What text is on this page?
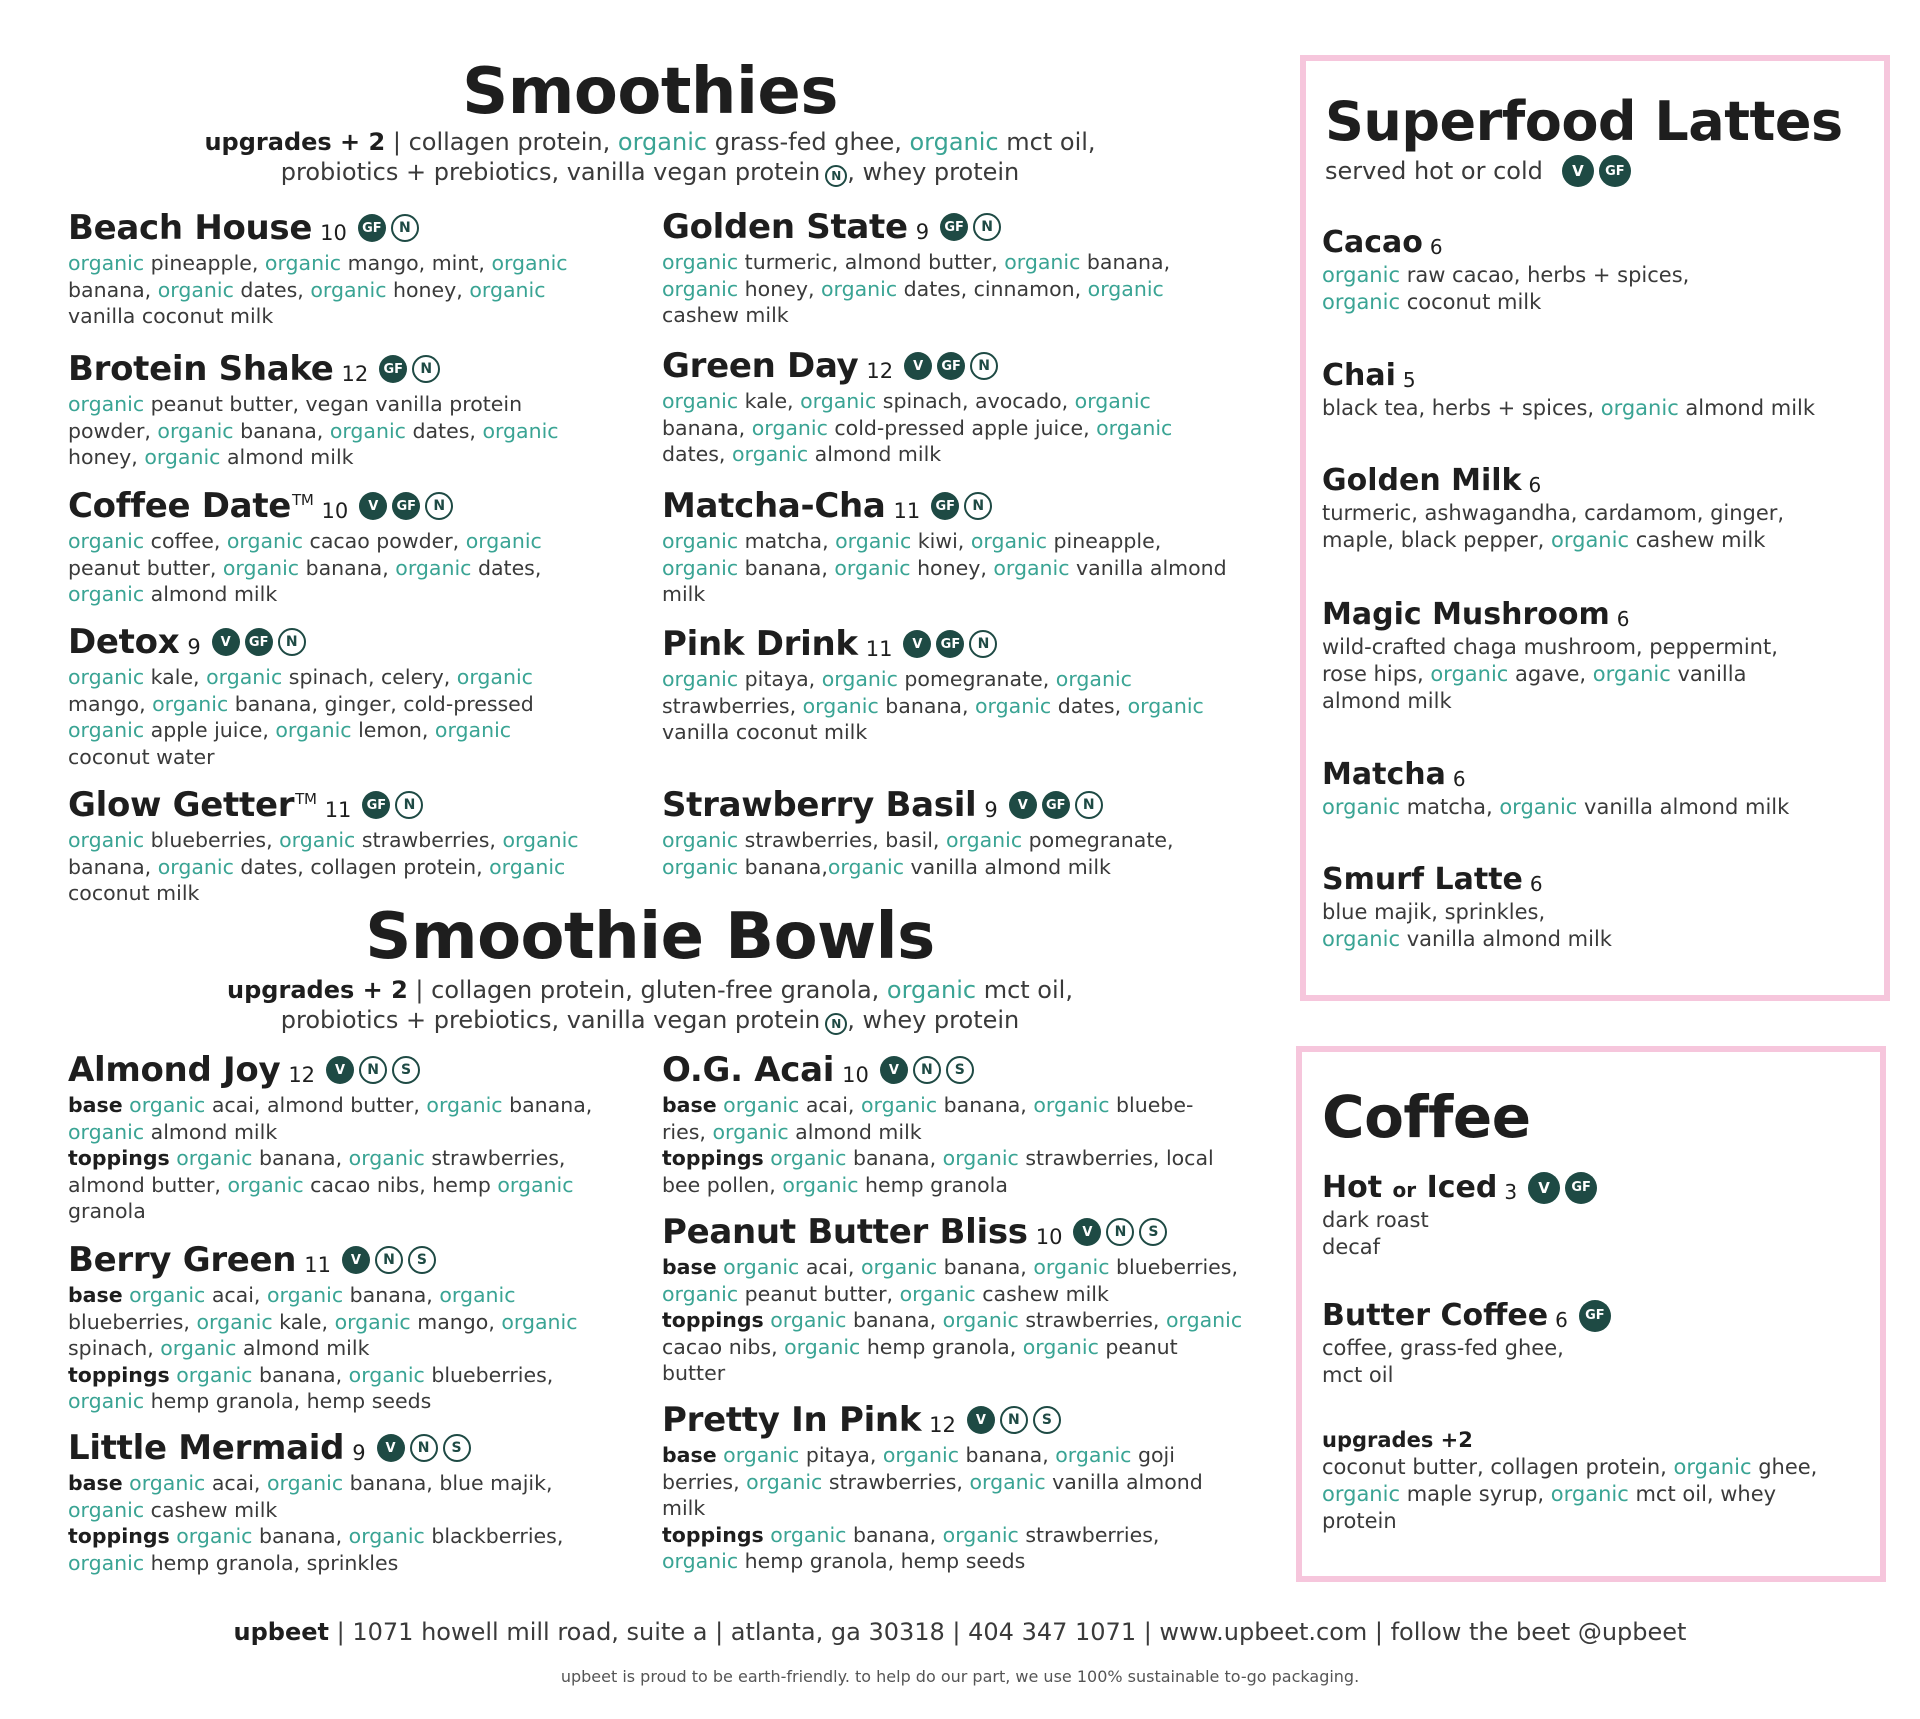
Smoothies
upgrades + 2 | collagen protein, organic grass-fed ghee, organic mct oil,
probiotics + prebiotics, vanilla vegan protein N , whey protein
Beach House 10	GF	N
organic pineapple, organic mango, mint, organic
banana, organic dates, organic honey, organic
vanilla coconut milk
Golden State 9	GF	N
organic turmeric, almond butter, organic banana,
organic honey, organic dates, cinnamon, organic
cashew milk
Brotein Shake 12	GF	N
organic peanut butter, vegan vanilla protein
powder, organic banana, organic dates, organic
honey, organic almond milk
Green Day 12	V	GF	N
organic kale, organic spinach, avocado, organic
banana, organic cold-pressed apple juice, organic
dates, organic almond milk
Coffee Date™ 10	V	GF	N
organic coffee, organic cacao powder, organic
peanut butter, organic banana, organic dates,
organic almond milk
Matcha-Cha 11	GF	N
organic matcha, organic kiwi, organic pineapple,
organic banana, organic honey, organic vanilla almond
milk
Detox 9	V	GF	N
organic kale, organic spinach, celery, organic
mango, organic banana, ginger, cold-pressed
organic apple juice, organic lemon, organic
coconut water
Pink Drink 11	V	GF	N
organic pitaya, organic pomegranate, organic
strawberries, organic banana, organic dates, organic
vanilla coconut milk
Glow Getter™ 11	GF	N
organic blueberries, organic strawberries, organic
banana, organic dates, collagen protein, organic
coconut milk
Strawberry Basil 9	V	GF	N
organic strawberries, basil, organic pomegranate,
organic banana,organic vanilla almond milk
Smoothie Bowls
upgrades + 2 | collagen protein, gluten-free granola, organic mct oil,
probiotics + prebiotics, vanilla vegan protein N , whey protein
Almond Joy 12	V	N	S
base organic acai, almond butter, organic banana,
organic almond milk
toppings organic banana, organic strawberries,
almond butter, organic cacao nibs, hemp organic
granola
O.G. Acai 10	V	N	S
base organic acai, organic banana, organic bluebe-
ries, organic almond milk
toppings organic banana, organic strawberries, local
bee pollen, organic hemp granola
Berry Green 11	V	N	S
base organic acai, organic banana, organic
blueberries, organic kale, organic mango, organic
spinach, organic almond milk
toppings organic banana, organic blueberries,
organic hemp granola, hemp seeds
Peanut Butter Bliss 10	V	N	S
base organic acai, organic banana, organic blueberries,
organic peanut butter, organic cashew milk
toppings organic banana, organic strawberries, organic
cacao nibs, organic hemp granola, organic peanut
butter
Little Mermaid 9	V	N	S
base organic acai, organic banana, blue majik,
organic cashew milk
toppings organic banana, organic blackberries,
organic hemp granola, sprinkles
Pretty In Pink 12	V	N	S
base organic pitaya, organic banana, organic goji
berries, organic strawberries, organic vanilla almond
milk
toppings organic banana, organic strawberries,
organic hemp granola, hemp seeds
Superfood Lattes
served hot or cold	V	GF
Cacao 6
organic raw cacao, herbs + spices,
organic coconut milk
Chai 5
black tea, herbs + spices, organic almond milk
Golden Milk 6
turmeric, ashwagandha, cardamom, ginger,
maple, black pepper, organic cashew milk
Magic Mushroom 6
wild-crafted chaga mushroom, peppermint,
rose hips, organic agave, organic vanilla
almond milk
Matcha 6
organic matcha, organic vanilla almond milk
Smurf Latte 6
blue majik, sprinkles,
organic vanilla almond milk
Coffee
Hot or Iced 3	V	GF
dark roast
decaf
Butter Coffee 6	GF
coffee, grass-fed ghee,
mct oil
upgrades +2
coconut butter, collagen protein, organic ghee,
organic maple syrup, organic mct oil, whey
protein
upbeet | 1071 howell mill road, suite a | atlanta, ga 30318 | 404 347 1071 | www.upbeet.com | follow the beet @upbeet
upbeet is proud to be earth-friendly. to help do our part, we use 100% sustainable to-go packaging.
